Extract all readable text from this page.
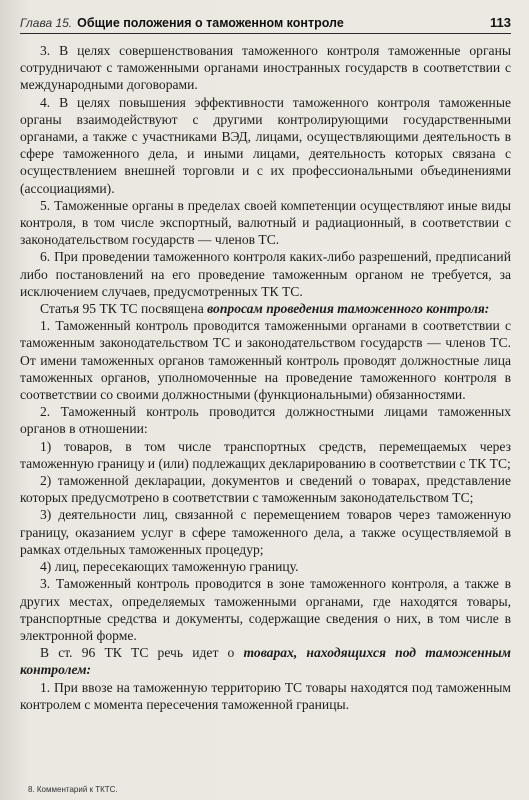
Глава 15. Общие положения о таможенном контроле	113

3. В целях совершенствования таможенного контроля таможенные органы сотрудничают с таможенными органами иностранных государств в соответствии с международными договорами.

4. В целях повышения эффективности таможенного контроля таможенные органы взаимодействуют с другими контролирующими государственными органами, а также с участниками ВЭД, лицами, осуществляющими деятельность в сфере таможенного дела, и иными лицами, деятельность которых связана с осуществлением внешней торговли и с их профессиональными объединениями (ассоциациями).

5. Таможенные органы в пределах своей компетенции осуществляют иные виды контроля, в том числе экспортный, валютный и радиационный, в соответствии с законодательством государств — членов ТС.

6. При проведении таможенного контроля каких-либо разрешений, предписаний либо постановлений на его проведение таможенным органом не требуется, за исключением случаев, предусмотренных ТК ТС.

Статья 95 ТК ТС посвящена вопросам проведения таможенного контроля:

1. Таможенный контроль проводится таможенными органами в соответствии с таможенным законодательством ТС и законодательством государств — членов ТС. От имени таможенных органов таможенный контроль проводят должностные лица таможенных органов, уполномоченные на проведение таможенного контроля в соответствии со своими должностными (функциональными) обязанностями.

2. Таможенный контроль проводится должностными лицами таможенных органов в отношении:

1) товаров, в том числе транспортных средств, перемещаемых через таможенную границу и (или) подлежащих декларированию в соответствии с ТК ТС;

2) таможенной декларации, документов и сведений о товарах, представление которых предусмотрено в соответствии с таможенным законодательством ТС;

3) деятельности лиц, связанной с перемещением товаров через таможенную границу, оказанием услуг в сфере таможенного дела, а также осуществляемой в рамках отдельных таможенных процедур;

4) лиц, пересекающих таможенную границу.

3. Таможенный контроль проводится в зоне таможенного контроля, а также в других местах, определяемых таможенными органами, где находятся товары, транспортные средства и документы, содержащие сведения о них, в том числе в электронной форме.

В ст. 96 ТК ТС речь идет о товарах, находящихся под таможенным контролем:

1. При ввозе на таможенную территорию ТС товары находятся под таможенным контролем с момента пересечения таможенной границы.

8. Комментарий к ТКТС.
